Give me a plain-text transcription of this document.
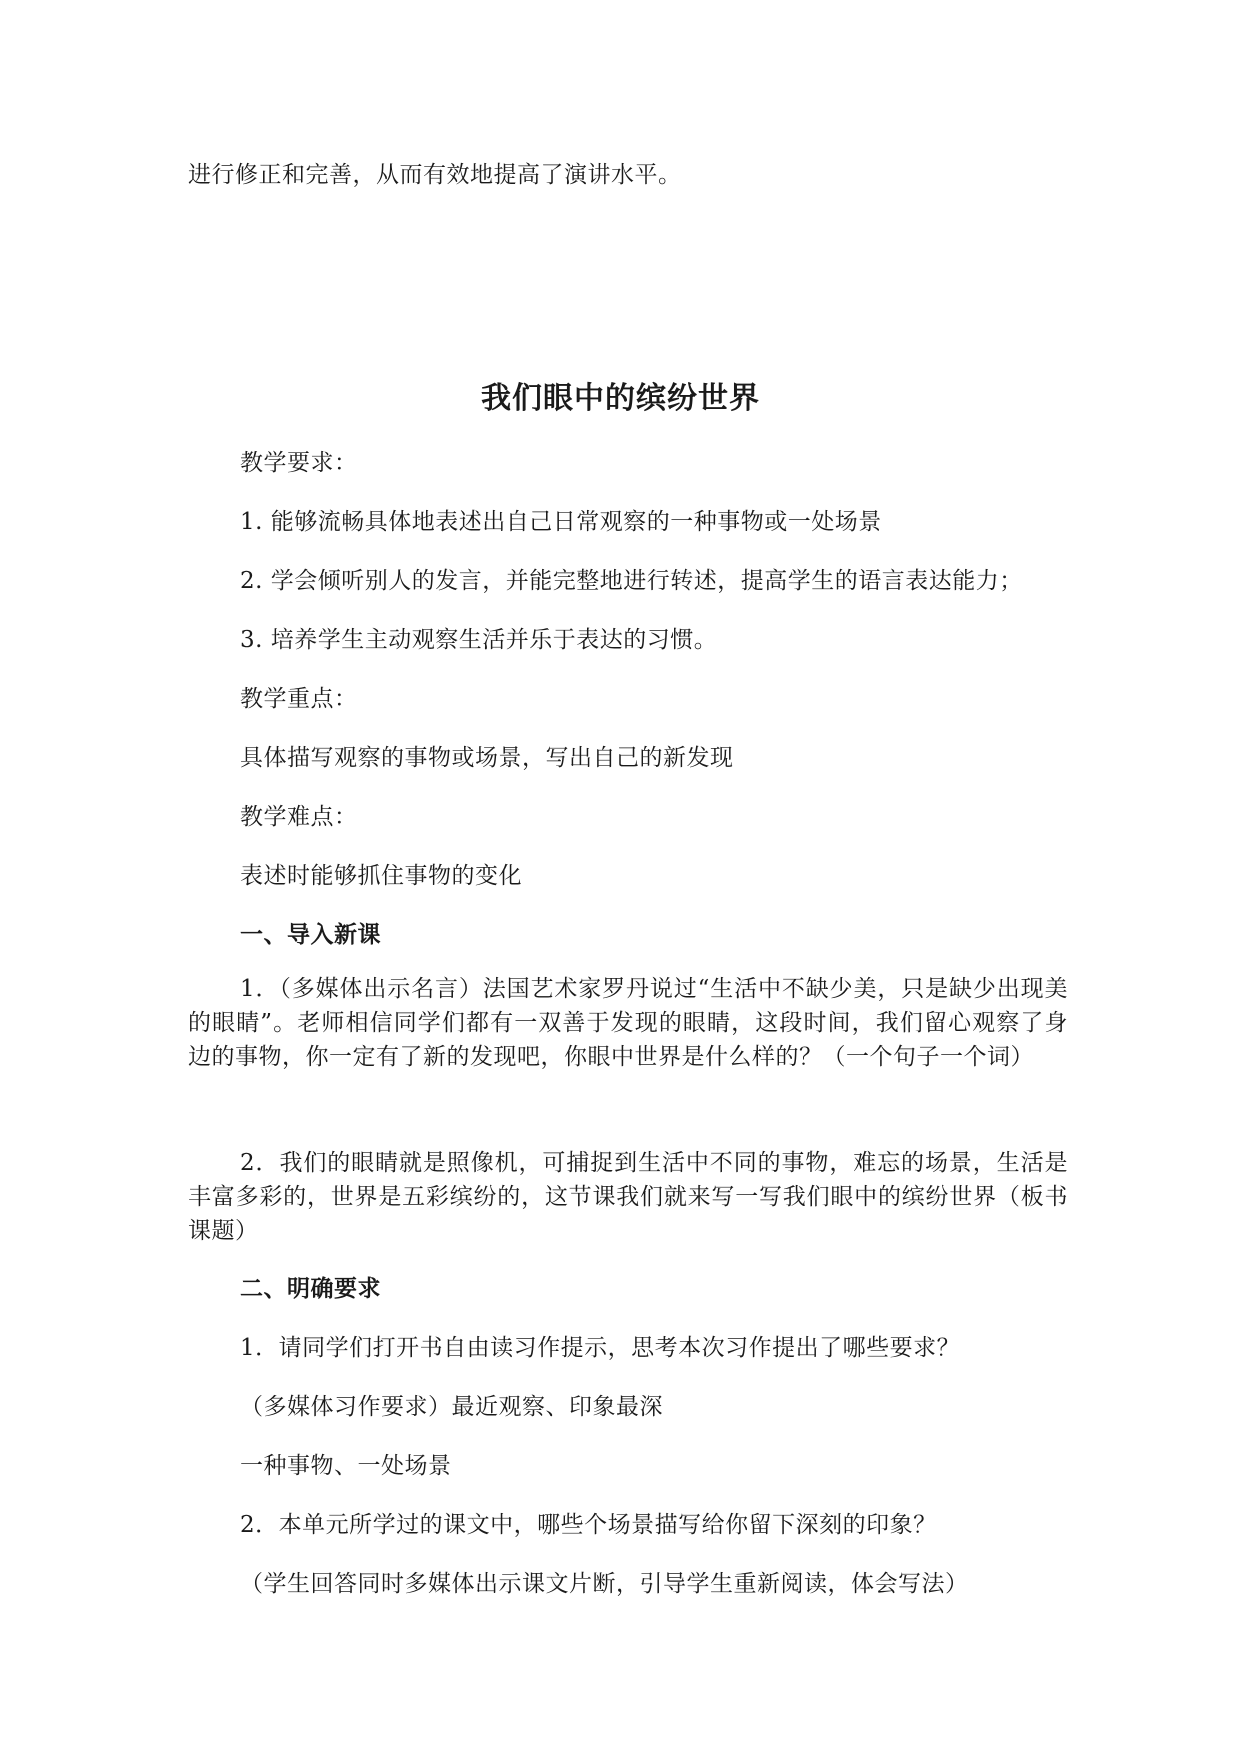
进行修正和完善，从而有效地提高了演讲水平。
我们眼中的缤纷世界
教学要求：
1. 能够流畅具体地表述出自己日常观察的一种事物或一处场景
2. 学会倾听别人的发言，并能完整地进行转述，提高学生的语言表达能力；
3. 培养学生主动观察生活并乐于表达的习惯。
教学重点：
具体描写观察的事物或场景，写出自己的新发现
教学难点：
表述时能够抓住事物的变化
一、导入新课
1．（多媒体出示名言）法国艺术家罗丹说过“生活中不缺少美，只是缺少出现美的眼睛”。老师相信同学们都有一双善于发现的眼睛，这段时间，我们留心观察了身边的事物，你一定有了新的发现吧，你眼中世界是什么样的？（一个句子一个词）
2．我们的眼睛就是照像机，可捕捉到生活中不同的事物，难忘的场景，生活是丰富多彩的，世界是五彩缤纷的，这节课我们就来写一写我们眼中的缤纷世界（板书课题）
二、明确要求
1．请同学们打开书自由读习作提示，思考本次习作提出了哪些要求？
（多媒体习作要求）最近观察、印象最深
一种事物、一处场景
2．本单元所学过的课文中，哪些个场景描写给你留下深刻的印象？
（学生回答同时多媒体出示课文片断，引导学生重新阅读，体会写法）
